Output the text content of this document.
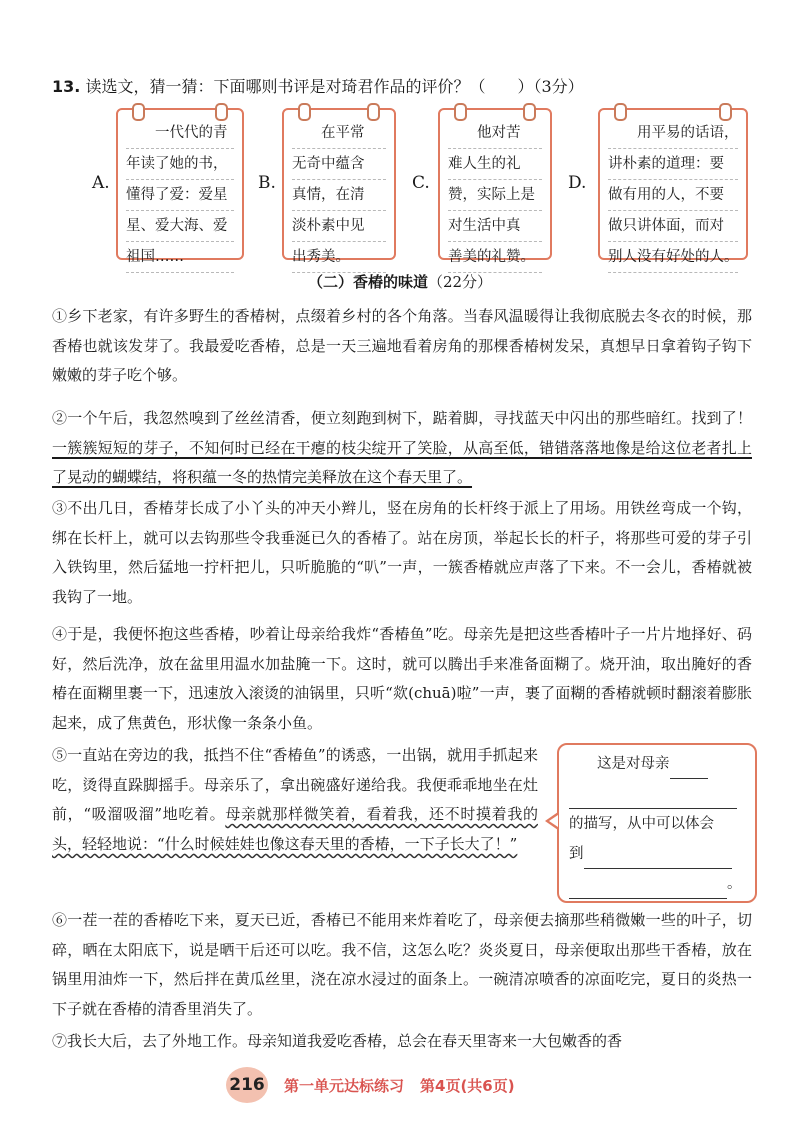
13. 读选文，猜一猜：下面哪则书评是对琦君作品的评价？（　　）（3分）
A.
一代代的青
年读了她的书，
懂得了爱：爱星
星、爱大海、爱
祖国……
B.
在平常
无奇中蕴含
真情，在清
淡朴素中见
出秀美。
C.
他对苦
难人生的礼
赞，实际上是
对生活中真
善美的礼赞。
D.
用平易的话语，
讲朴素的道理：要
做有用的人，不要
做只讲体面，而对
别人没有好处的人。
（二）香椿的味道（22分）
①乡下老家，有许多野生的香椿树，点缀着乡村的各个角落。当春风温暖得让我彻底脱去冬衣的时候，那香椿也就该发芽了。我最爱吃香椿，总是一天三遍地看着房角的那棵香椿树发呆，真想早日拿着钩子钩下嫩嫩的芽子吃个够。
②一个午后，我忽然嗅到了丝丝清香，便立刻跑到树下，踮着脚，寻找蓝天中闪出的那些暗红。找到了！一簇簇短短的芽子，不知何时已经在干瘪的枝尖绽开了笑脸，从高至低，错错落落地像是给这位老者扎上了晃动的蝴蝶结，将积蕴一冬的热情完美释放在这个春天里了。
③不出几日，香椿芽长成了小丫头的冲天小辫儿，竖在房角的长杆终于派上了用场。用铁丝弯成一个钩，绑在长杆上，就可以去钩那些令我垂涎已久的香椿了。站在房顶，举起长长的杆子，将那些可爱的芽子引入铁钩里，然后猛地一拧杆把儿，只听脆脆的“叭”一声，一簇香椿就应声落了下来。不一会儿，香椿就被我钩了一地。
④于是，我便怀抱这些香椿，吵着让母亲给我炸“香椿鱼”吃。母亲先是把这些香椿叶子一片片地择好、码好，然后洗净，放在盆里用温水加盐腌一下。这时，就可以腾出手来准备面糊了。烧开油，取出腌好的香椿在面糊里裹一下，迅速放入滚烫的油锅里，只听“欻(chuā)啦”一声，裹了面糊的香椿就顿时翻滚着膨胀起来，成了焦黄色，形状像一条条小鱼。
⑤一直站在旁边的我，抵挡不住“香椿鱼”的诱惑，一出锅，就用手抓起来吃，烫得直跺脚摇手。母亲乐了，拿出碗盛好递给我。我便乖乖地坐在灶前，“吸溜吸溜”地吃着。母亲就那样微笑着，看着我，还不时摸着我的头，轻轻地说：“什么时候娃娃也像这春天里的香椿，一下子长大了！”
这是对母亲
的描写，从中可以体会
到
。
⑥一茬一茬的香椿吃下来，夏天已近，香椿已不能用来炸着吃了，母亲便去摘那些稍微嫩一些的叶子，切碎，晒在太阳底下，说是晒干后还可以吃。我不信，这怎么吃？炎炎夏日，母亲便取出那些干香椿，放在锅里用油炸一下，然后拌在黄瓜丝里，浇在凉水浸过的面条上。一碗清凉喷香的凉面吃完，夏日的炎热一下子就在香椿的清香里消失了。
⑦我长大后，去了外地工作。母亲知道我爱吃香椿，总会在春天里寄来一大包嫩香的香
216 第一单元达标练习 第4页(共6页)
